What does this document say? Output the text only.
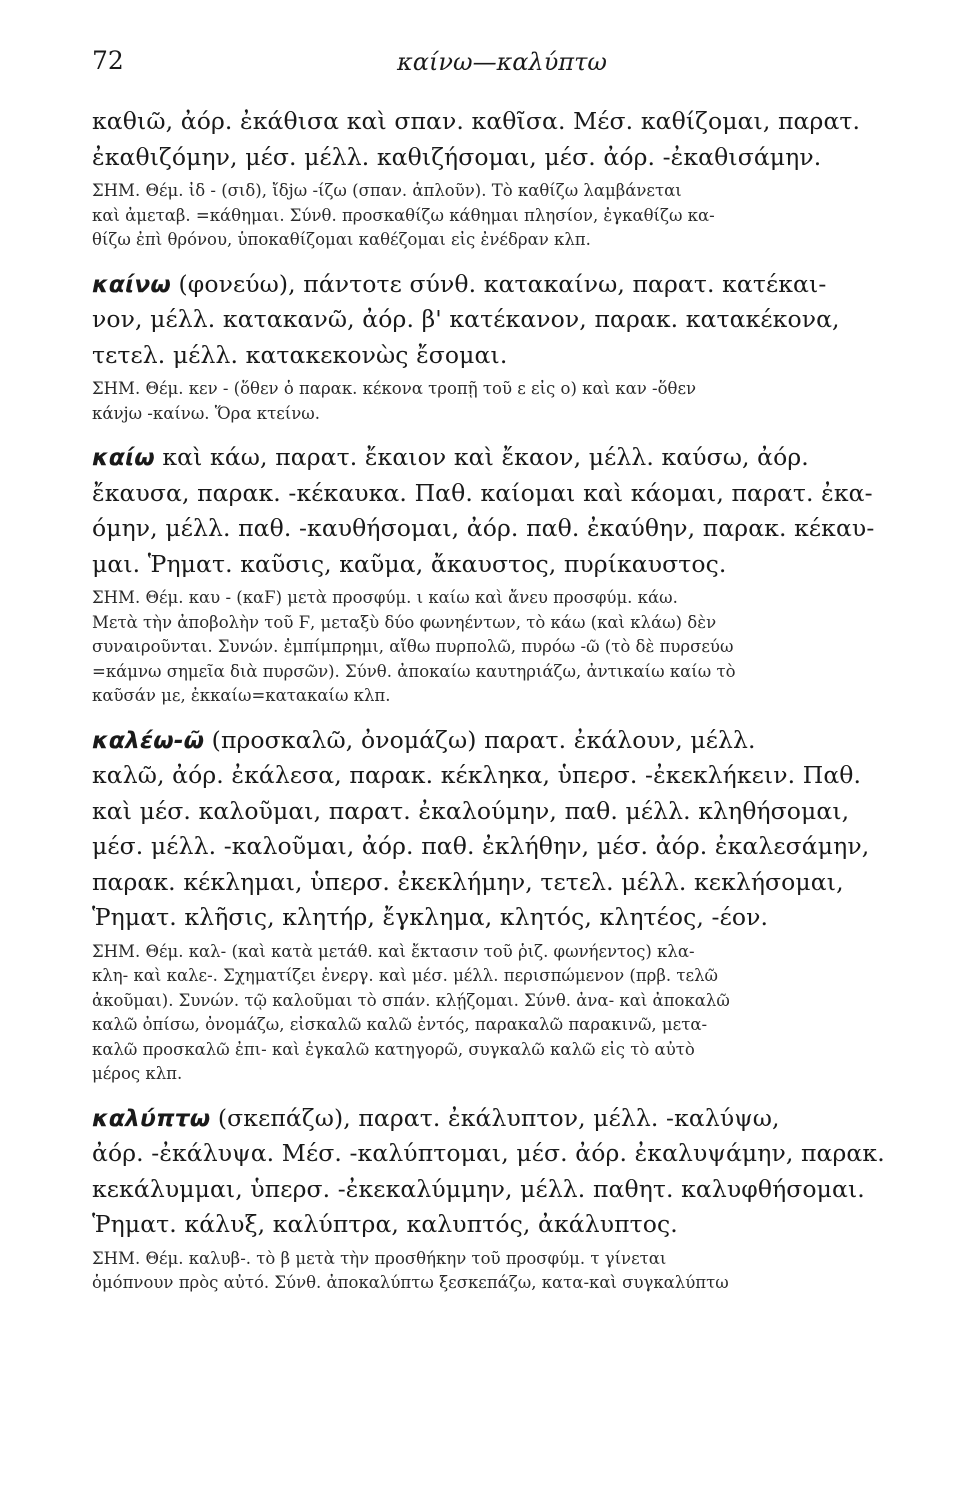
72	καίνω—καλύπτω
καθιῶ, ἀόρ. ἐκάθισα καὶ σπαν. καθῖσα. Μέσ. καθίζομαι, παρατ.
ἐκαθιζόμην, μέσ. μέλλ. καθιζήσομαι, μέσ. ἀόρ. -ἐκαθισάμην.
ΣΗΜ. Θέμ. ἰδ - (σιδ), ἴδjω -ίζω (σπαν. ἁπλοῦν). Τὸ καθίζω λαμβάνεται
καὶ ἀμεταβ. =κάθημαι. Σύνθ. προσκαθίζω κάθημαι πλησίον, ἐγκαθίζω κα-
θίζω ἐπὶ θρόνου, ὑποκαθίζομαι καθέζομαι εἰς ἐνέδραν κλπ.
καίνω (φονεύω), πάντοτε σύνθ. κατακαίνω, παρατ. κατέκαι-
νον, μέλλ. κατακανῶ, ἀόρ. β' κατέκανον, παρακ. κατακέκονα,
τετελ. μέλλ. κατακεκονὼς ἔσομαι.
ΣΗΜ. Θέμ. κεν - (ὅθεν ὁ παρακ. κέκονα τροπῇ τοῦ ε εἰς ο) καὶ καν -ὅθεν
κάνjω -καίνω. Ὅρα κτείνω.
καίω καὶ κάω, παρατ. ἔκαιον καὶ ἔκαον, μέλλ. καύσω, ἀόρ.
ἔκαυσα, παρακ. -κέκαυκα. Παθ. καίομαι καὶ κάομαι, παρατ. ἐκα-
όμην, μέλλ. παθ. -καυθήσομαι, ἀόρ. παθ. ἐκαύθην, παρακ. κέκαυ-
μαι. Ῥηματ. καῦσις, καῦμα, ἄκαυστος, πυρίκαυστος.
ΣΗΜ. Θέμ. καυ - (καϜ) μετὰ προσφύμ. ι καίω καὶ ἄνευ προσφύμ. κάω.
Μετὰ τὴν ἀποβολὴν τοῦ Ϝ, μεταξὺ δύο φωνηέντων, τὸ κάω (καὶ κλάω) δὲν
συναιροῦνται. Συνών. ἐμπίμπρημι, αἴθω πυρπολῶ, πυρόω -ῶ (τὸ δὲ πυρσεύω
=κάμνω σημεῖα διὰ πυρσῶν). Σύνθ. ἀποκαίω καυτηριάζω, ἀντικαίω καίω τὸ
καῦσάν με, ἐκκαίω=κατακαίω κλπ.
καλέω-ῶ (προσκαλῶ, ὀνομάζω) παρατ. ἐκάλουν, μέλλ.
καλῶ, ἀόρ. ἐκάλεσα, παρακ. κέκληκα, ὑπερσ. -ἐκεκλήκειν. Παθ.
καὶ μέσ. καλοῦμαι, παρατ. ἐκαλούμην, παθ. μέλλ. κληθήσομαι,
μέσ. μέλλ. -καλοῦμαι, ἀόρ. παθ. ἐκλήθην, μέσ. ἀόρ. ἐκαλεσάμην,
παρακ. κέκλημαι, ὑπερσ. ἐκεκλήμην, τετελ. μέλλ. κεκλήσομαι,
Ῥηματ. κλῆσις, κλητήρ, ἔγκλημα, κλητός, κλητέος, -έον.
ΣΗΜ. Θέμ. καλ- (καὶ κατὰ μετάθ. καὶ ἔκτασιν τοῦ ῥιζ. φωνήεντος) κλα-
κλη- καὶ καλε-. Σχηματίζει ἐνεργ. καὶ μέσ. μέλλ. περισπώμενον (πρβ. τελῶ
ἀκοῦμαι). Συνών. τῷ καλοῦμαι τὸ σπάν. κλῄζομαι. Σύνθ. ἀνα- καὶ ἀποκαλῶ
καλῶ ὀπίσω, ὀνομάζω, εἰσκαλῶ καλῶ ἐντός, παρακαλῶ παρακινῶ, μετα-
καλῶ προσκαλῶ ἐπι- καὶ ἐγκαλῶ κατηγορῶ, συγκαλῶ καλῶ εἰς τὸ αὐτὸ
μέρος κλπ.
καλύπτω (σκεπάζω), παρατ. ἐκάλυπτον, μέλλ. -καλύψω,
ἀόρ. -ἐκάλυψα. Μέσ. -καλύπτομαι, μέσ. ἀόρ. ἐκαλυψάμην, παρακ.
κεκάλυμμαι, ὑπερσ. -ἐκεκαλύμμην, μέλλ. παθητ. καλυφθήσομαι.
Ῥηματ. κάλυξ, καλύπτρα, καλυπτός, ἀκάλυπτος.
ΣΗΜ. Θέμ. καλυβ-. τὸ β μετὰ τὴν προσθήκην τοῦ προσφύμ. τ γίνεται
ὁμόπνουν πρὸς αὐτό. Σύνθ. ἀποκαλύπτω ξεσκεπάζω, κατα-καὶ συγκαλύπτω
